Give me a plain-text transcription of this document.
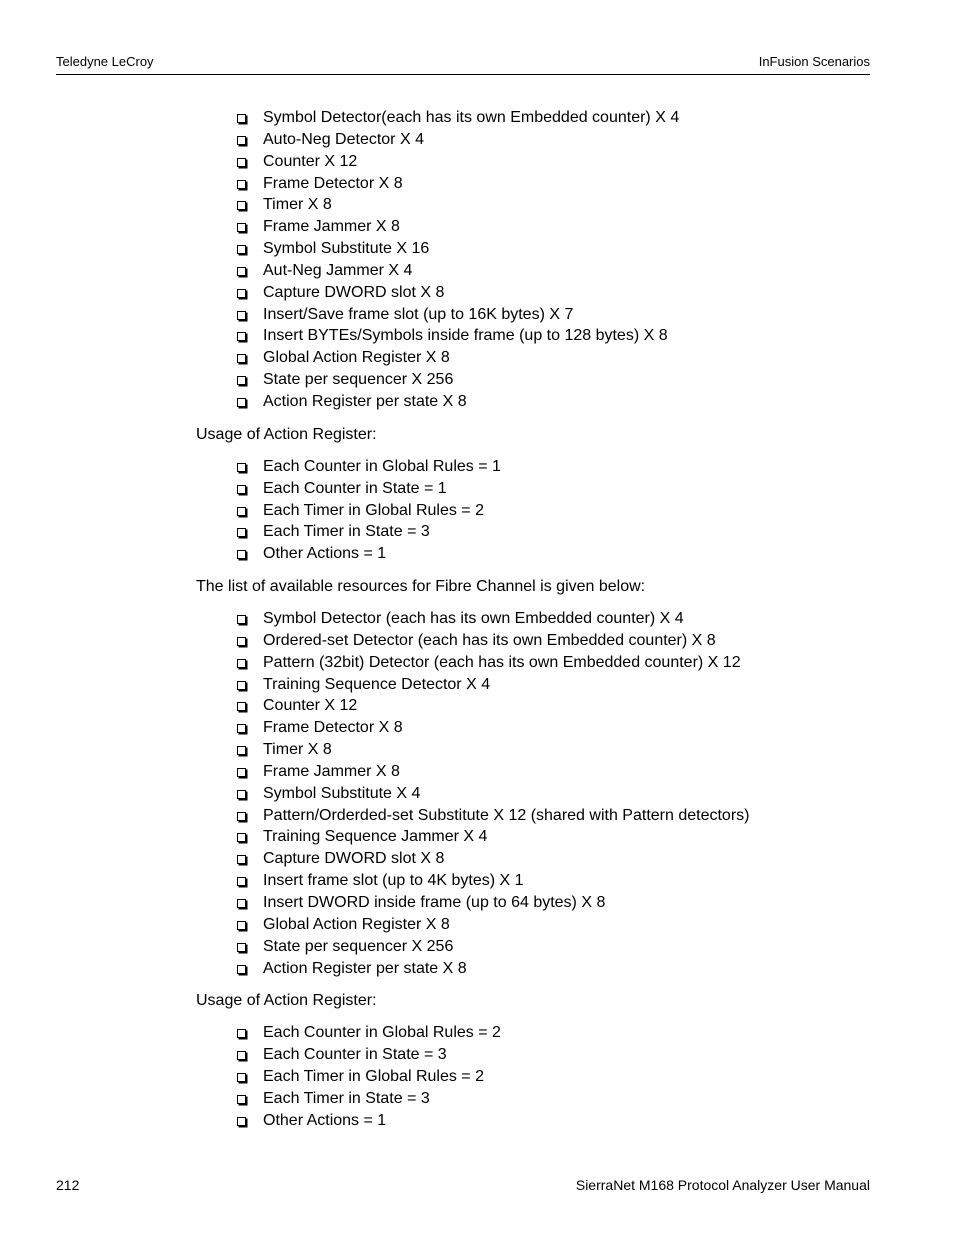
Teledyne LeCroy	InFusion Scenarios
Symbol Detector(each has its own Embedded counter) X 4
Auto-Neg Detector X 4
Counter X 12
Frame Detector X 8
Timer X 8
Frame Jammer X 8
Symbol Substitute X 16
Aut-Neg Jammer X 4
Capture DWORD slot X 8
Insert/Save frame slot (up to 16K bytes) X 7
Insert BYTEs/Symbols inside frame (up to 128 bytes) X 8
Global Action Register X 8
State per sequencer X 256
Action Register per state X 8

Usage of Action Register:

Each Counter in Global Rules = 1
Each Counter in State = 1
Each Timer in Global Rules = 2
Each Timer in State = 3
Other Actions = 1

The list of available resources for Fibre Channel is given below:

Symbol Detector (each has its own Embedded counter) X 4
Ordered-set Detector (each has its own Embedded counter) X 8
Pattern (32bit) Detector (each has its own Embedded counter) X 12
Training Sequence Detector X 4
Counter X 12
Frame Detector X 8
Timer X 8
Frame Jammer X 8
Symbol Substitute X 4
Pattern/Orderded-set Substitute X 12 (shared with Pattern detectors)
Training Sequence Jammer X 4
Capture DWORD slot X 8
Insert frame slot (up to 4K bytes) X 1
Insert DWORD inside frame (up to 64 bytes) X 8
Global Action Register X 8
State per sequencer X 256
Action Register per state X 8

Usage of Action Register:

Each Counter in Global Rules = 2
Each Counter in State = 3
Each Timer in Global Rules = 2
Each Timer in State = 3
Other Actions = 1
212	SierraNet M168 Protocol Analyzer User Manual
